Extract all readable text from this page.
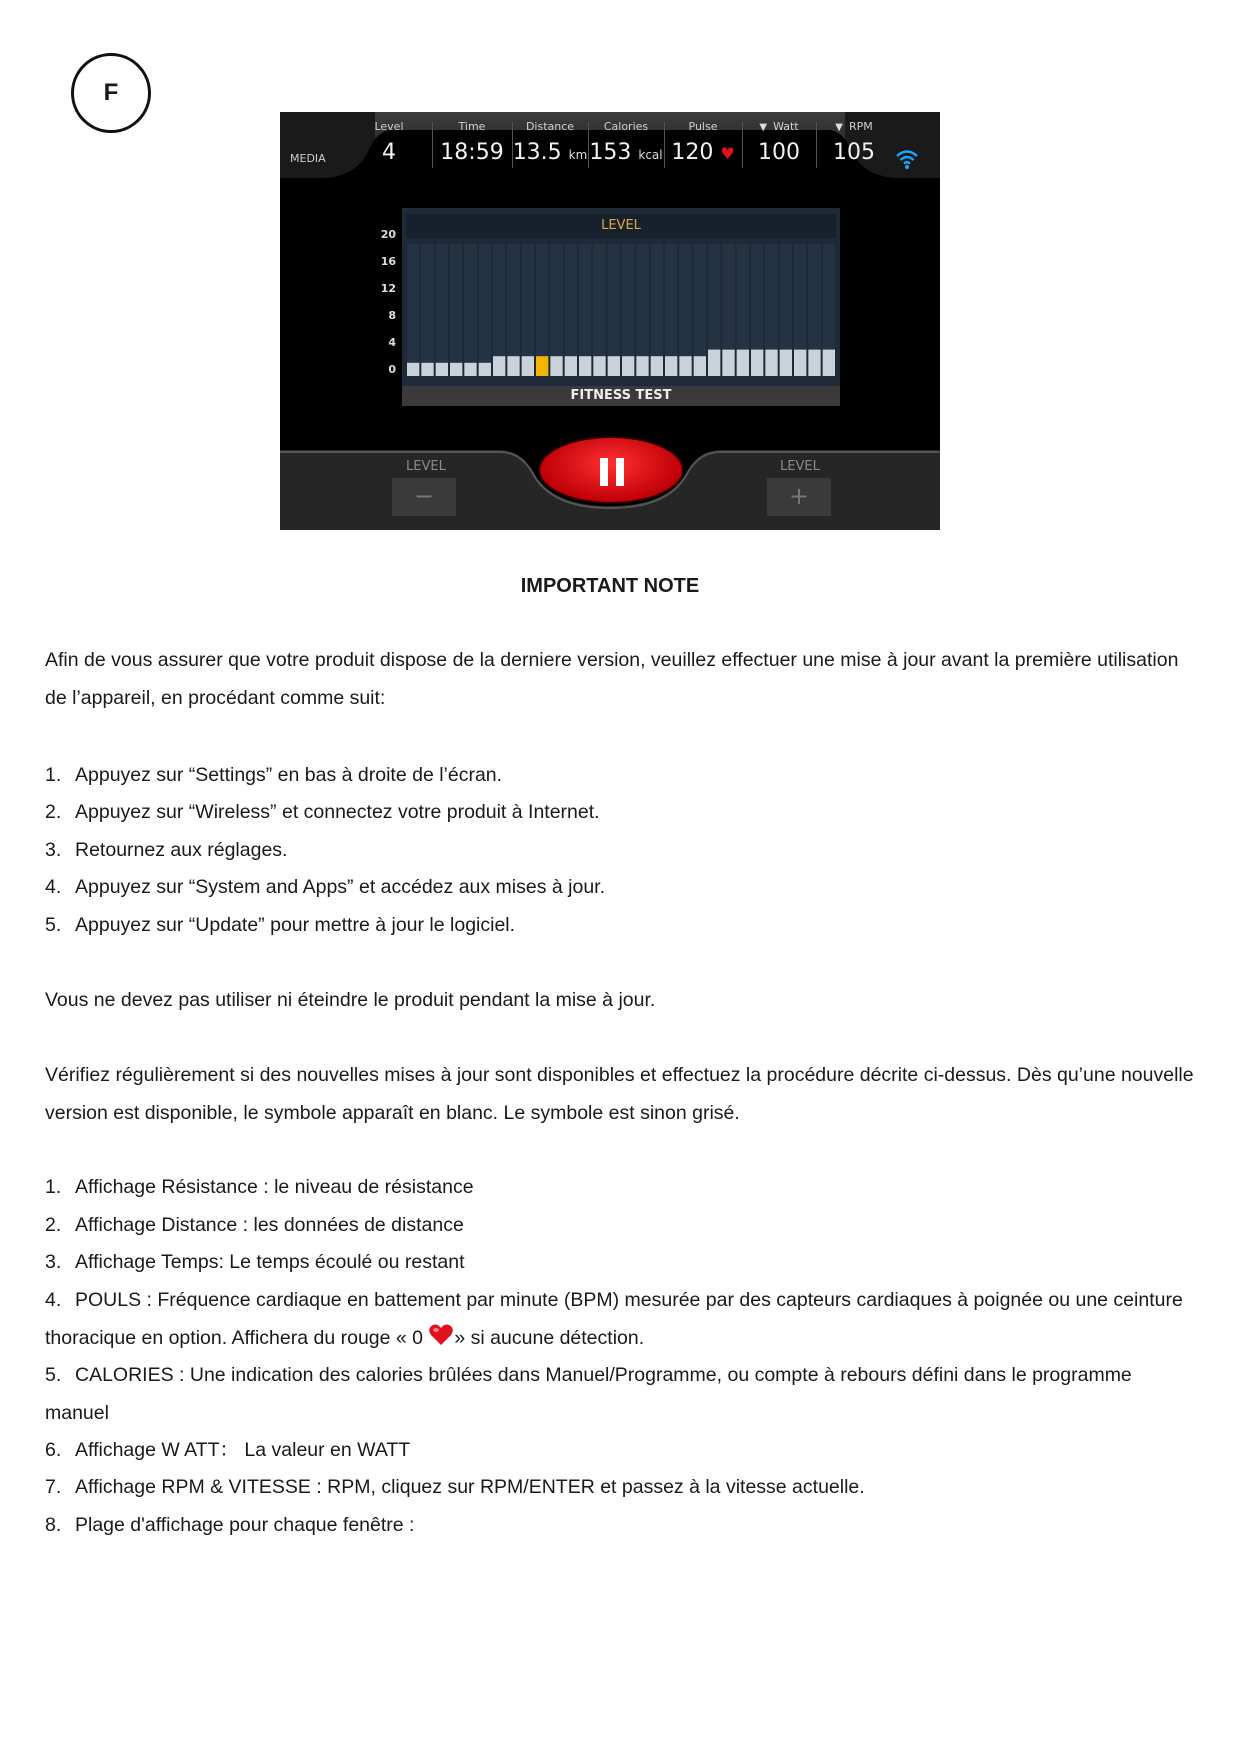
F
MEDIA
Level
4
Time
18:59
Distance
13.5 km
Calories
153 kcal
Pulse
120 ♥
▼ Watt
100
▼ RPM
105
LEVEL
FITNESS TEST
20
16
12
8
4
0
LEVEL
−
LEVEL
+
IMPORTANT NOTE
Afin de vous assurer que votre produit dispose de la derniere version, veuillez effectuer une mise à jour avant la première utilisation de l’appareil, en procédant comme suit:
1. Appuyez sur “Settings” en bas à droite de l’écran.
2. Appuyez sur “Wireless” et connectez votre produit à Internet.
3. Retournez aux réglages.
4. Appuyez sur “System and Apps” et accédez aux mises à jour.
5. Appuyez sur “Update” pour mettre à jour le logiciel.
Vous ne devez pas utiliser ni éteindre le produit pendant la mise à jour.
Vérifiez régulièrement si des nouvelles mises à jour sont disponibles et effectuez la procédure décrite ci-dessus. Dès qu’une nouvelle version est disponible, le symbole apparaît en blanc. Le symbole est sinon grisé.
1. Affichage Résistance : le niveau de résistance
2. Affichage Distance : les données de distance
3. Affichage Temps: Le temps écoulé ou restant
4. POULS : Fréquence cardiaque en battement par minute (BPM) mesurée par des capteurs cardiaques à poignée ou une ceinture thoracique en option. Affichera du rouge « 0 » si aucune détection.
5. CALORIES : Une indication des calories brûlées dans Manuel/Programme, ou compte à rebours défini dans le programme manuel
6. Affichage W ATT： La valeur en WATT
7. Affichage RPM & VITESSE : RPM, cliquez sur RPM/ENTER et passez à la vitesse actuelle.
8. Plage d'affichage pour chaque fenêtre :
